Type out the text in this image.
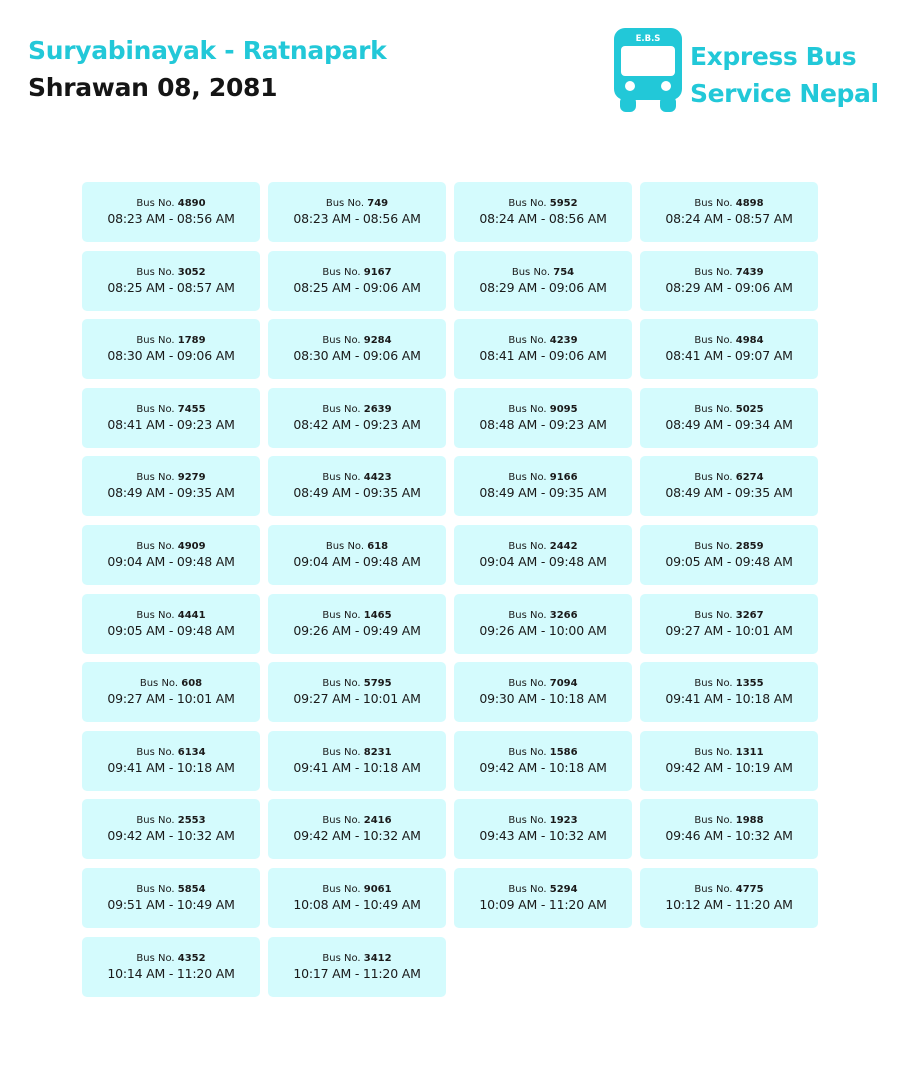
Suryabinayak - Ratnapark
Shrawan 08, 2081
E.B.S
Express Bus
Service Nepal
Bus No. 4890
08:23 AM - 08:56 AM
Bus No. 749
08:23 AM - 08:56 AM
Bus No. 5952
08:24 AM - 08:56 AM
Bus No. 4898
08:24 AM - 08:57 AM
Bus No. 3052
08:25 AM - 08:57 AM
Bus No. 9167
08:25 AM - 09:06 AM
Bus No. 754
08:29 AM - 09:06 AM
Bus No. 7439
08:29 AM - 09:06 AM
Bus No. 1789
08:30 AM - 09:06 AM
Bus No. 9284
08:30 AM - 09:06 AM
Bus No. 4239
08:41 AM - 09:06 AM
Bus No. 4984
08:41 AM - 09:07 AM
Bus No. 7455
08:41 AM - 09:23 AM
Bus No. 2639
08:42 AM - 09:23 AM
Bus No. 9095
08:48 AM - 09:23 AM
Bus No. 5025
08:49 AM - 09:34 AM
Bus No. 9279
08:49 AM - 09:35 AM
Bus No. 4423
08:49 AM - 09:35 AM
Bus No. 9166
08:49 AM - 09:35 AM
Bus No. 6274
08:49 AM - 09:35 AM
Bus No. 4909
09:04 AM - 09:48 AM
Bus No. 618
09:04 AM - 09:48 AM
Bus No. 2442
09:04 AM - 09:48 AM
Bus No. 2859
09:05 AM - 09:48 AM
Bus No. 4441
09:05 AM - 09:48 AM
Bus No. 1465
09:26 AM - 09:49 AM
Bus No. 3266
09:26 AM - 10:00 AM
Bus No. 3267
09:27 AM - 10:01 AM
Bus No. 608
09:27 AM - 10:01 AM
Bus No. 5795
09:27 AM - 10:01 AM
Bus No. 7094
09:30 AM - 10:18 AM
Bus No. 1355
09:41 AM - 10:18 AM
Bus No. 6134
09:41 AM - 10:18 AM
Bus No. 8231
09:41 AM - 10:18 AM
Bus No. 1586
09:42 AM - 10:18 AM
Bus No. 1311
09:42 AM - 10:19 AM
Bus No. 2553
09:42 AM - 10:32 AM
Bus No. 2416
09:42 AM - 10:32 AM
Bus No. 1923
09:43 AM - 10:32 AM
Bus No. 1988
09:46 AM - 10:32 AM
Bus No. 5854
09:51 AM - 10:49 AM
Bus No. 9061
10:08 AM - 10:49 AM
Bus No. 5294
10:09 AM - 11:20 AM
Bus No. 4775
10:12 AM - 11:20 AM
Bus No. 4352
10:14 AM - 11:20 AM
Bus No. 3412
10:17 AM - 11:20 AM
